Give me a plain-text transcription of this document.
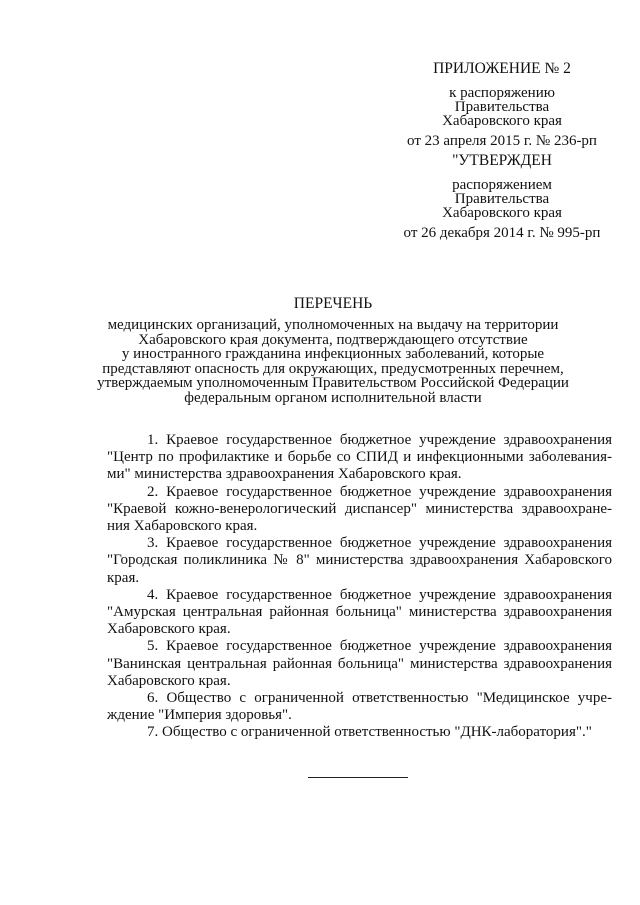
ПРИЛОЖЕНИЕ № 2
к распоряжению
Правительства
Хабаровского края
от 23 апреля 2015 г. № 236-рп
"УТВЕРЖДЕН
распоряжением
Правительства
Хабаровского края
от 26 декабря 2014 г. № 995-рп
ПЕРЕЧЕНЬ
медицинских организаций, уполномоченных на выдачу на территории
Хабаровского края документа, подтверждающего отсутствие
у иностранного гражданина инфекционных заболеваний, которые
представляют опасность для окружающих, предусмотренных перечнем,
утверждаемым уполномоченным Правительством Российской Федерации
федеральным органом исполнительной власти

1. Краевое государственное бюджетное учреждение здравоохранения "Центр по профилактике и борьбе со СПИД и инфекционными заболевания-ми" министерства здравоохранения Хабаровского края.

2. Краевое государственное бюджетное учреждение здравоохранения "Краевой кожно-венерологический диспансер" министерства здравоохране-ния Хабаровского края.

3. Краевое государственное бюджетное учреждение здравоохранения "Городская поликлиника № 8" министерства здравоохранения Хабаровского края.

4. Краевое государственное бюджетное учреждение здравоохранения "Амурская центральная районная больница" министерства здравоохранения Хабаровского края.

5. Краевое государственное бюджетное учреждение здравоохранения "Ванинская центральная районная больница" министерства здравоохранения Хабаровского края.

6. Общество с ограниченной ответственностью "Медицинское учре-ждение "Империя здоровья".

7. Общество с ограниченной ответственностью "ДНК-лаборатория"."
